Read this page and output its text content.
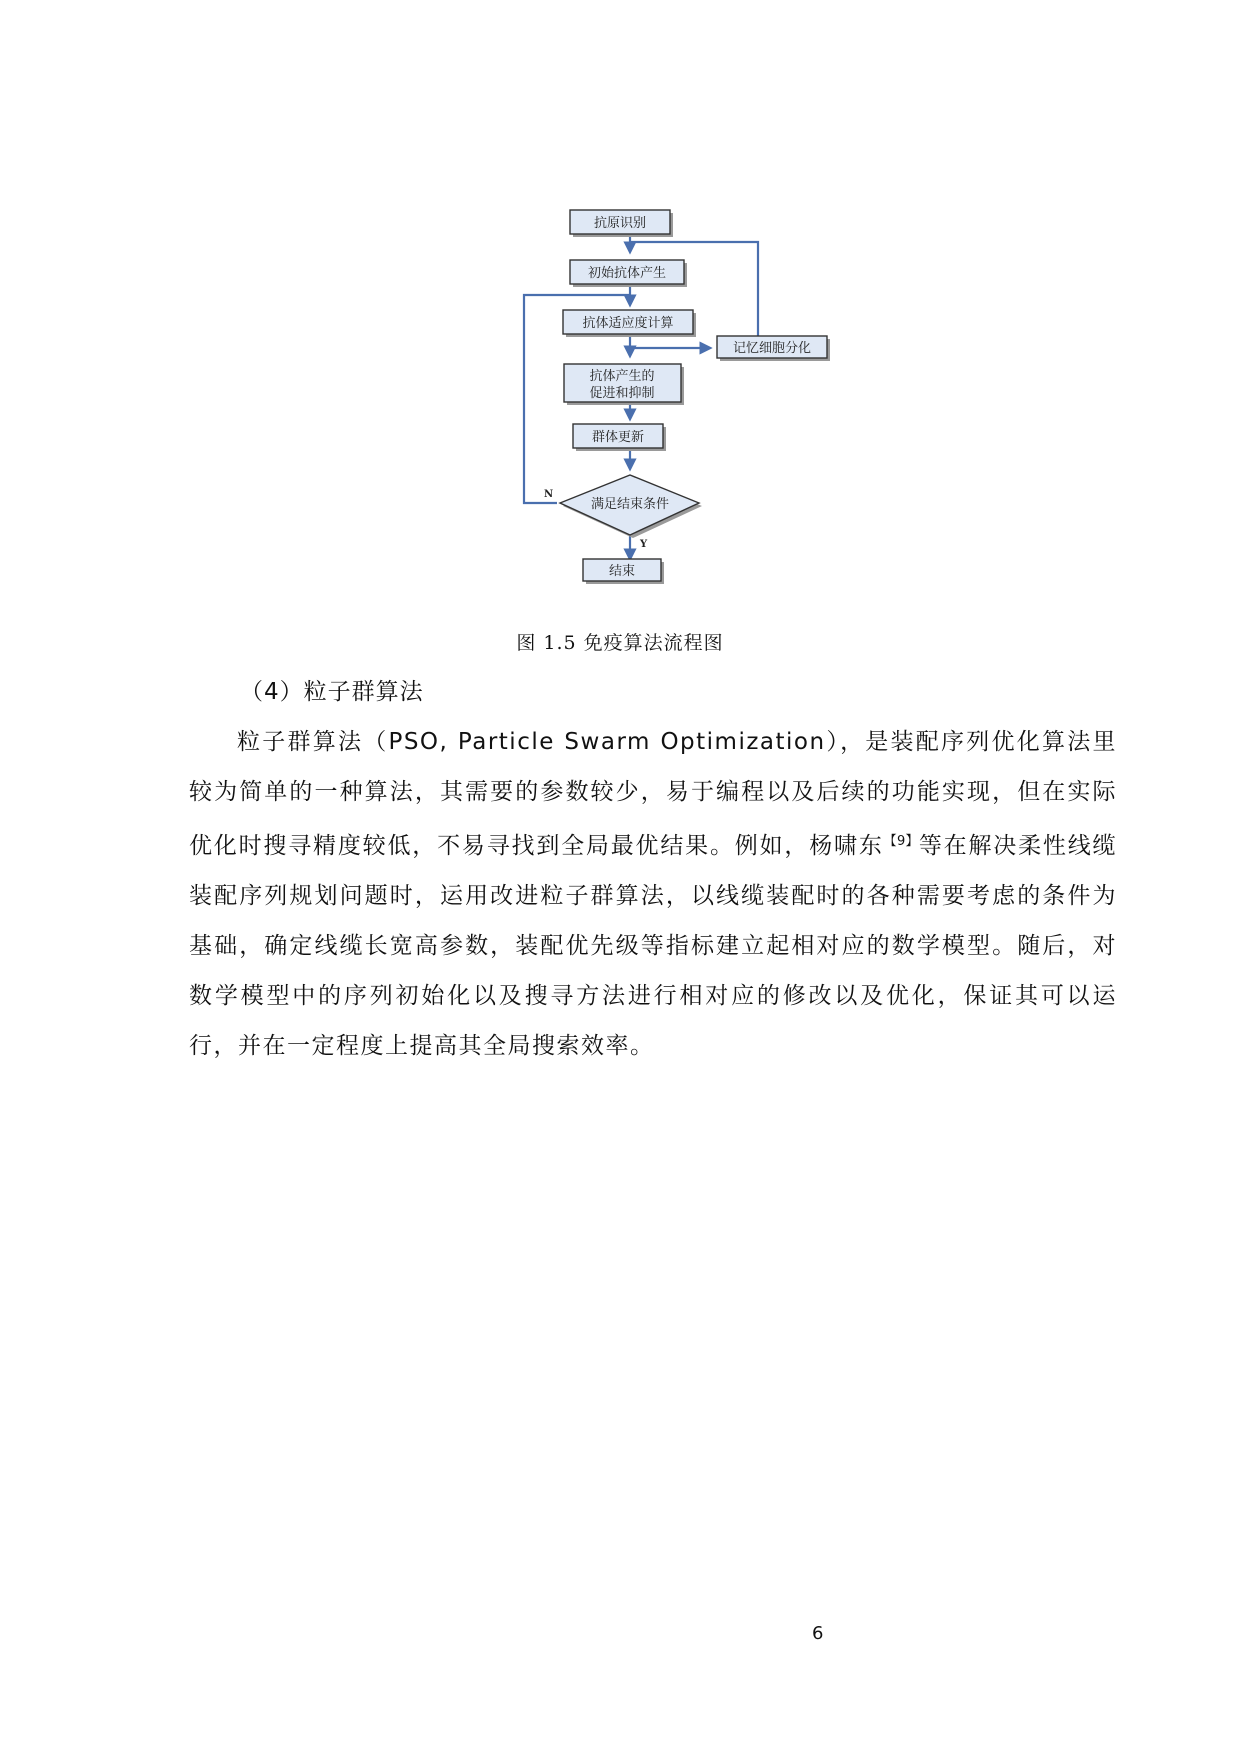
抗原识别
初始抗体产生
抗体适应度计算
记忆细胞分化
抗体产生的
促进和抑制
群体更新
满足结束条件
结束
N
Y
图 1.5 免疫算法流程图
（4）粒子群算法

粒子群算法（PSO, Particle Swarm Optimization），是装配序列优化算法里较为简单的一种算法，其需要的参数较少，易于编程以及后续的功能实现，但在实际优化时搜寻精度较低，不易寻找到全局最优结果。例如，杨啸东$^{【9】}$等在解决柔性线缆装配序列规划问题时，运用改进粒子群算法，以线缆装配时的各种需要考虑的条件为基础，确定线缆长宽高参数，装配优先级等指标建立起相对应的数学模型。随后，对数学模型中的序列初始化以及搜寻方法进行相对应的修改以及优化，保证其可以运行，并在一定程度上提高其全局搜索效率。

6
